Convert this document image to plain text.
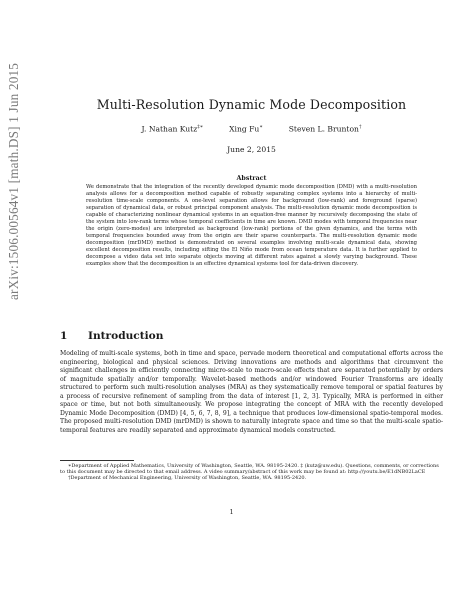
arXiv:1506.00564v1 [math.DS] 1 Jun 2015	Multi-Resolution Dynamic Mode Decomposition
J. Nathan Kutz‡∗	Xing Fu∗	Steven L. Brunton†
June 2, 2015
Abstract
We demonstrate that the integration of the recently developed dynamic mode decomposition (DMD) with a multi-resolution analysis allows for a decomposition method capable of robustly separating complex systems into a hierarchy of multi-resolution time-scale components. A one-level separation allows for background (low-rank) and foreground (sparse) separation of dynamical data, or robust principal component analysis. The multi-resolution dynamic mode decomposition is capable of characterizing nonlinear dynamical systems in an equation-free manner by recursively decomposing the state of the system into low-rank terms whose temporal coefficients in time are known. DMD modes with temporal frequencies near the origin (zero-modes) are interpreted as background (low-rank) portions of the given dynamics, and the terms with temporal frequencies bounded away from the origin are their sparse counterparts. The multi-resolution dynamic mode decomposition (mrDMD) method is demonstrated on several examples involving multi-scale dynamical data, showing excellent decomposition results, including sifting the El Niño mode from ocean temperature data. It is further applied to decompose a video data set into separate objects moving at different rates against a slowly varying background. These examples show that the decomposition is an effective dynamical systems tool for data-driven discovery.
1 Introduction
Modeling of multi-scale systems, both in time and space, pervade modern theoretical and computational efforts across the engineering, biological and physical sciences. Driving innovations are methods and algorithms that circumvent the significant challenges in efficiently connecting micro-scale to macro-scale effects that are separated potentially by orders of magnitude spatially and/or temporally. Wavelet-based methods and/or windowed Fourier Transforms are ideally structured to perform such multi-resolution analyses (MRA) as they systematically remove temporal or spatial features by a process of recursive refinement of sampling from the data of interest [1, 2, 3]. Typically, MRA is performed in either space or time, but not both simultaneously. We propose integrating the concept of MRA with the recently developed Dynamic Mode Decomposition (DMD) [4, 5, 6, 7, 8, 9], a technique that produces low-dimensional spatio-temporal modes. The proposed multi-resolution DMD (mrDMD) is shown to naturally integrate space and time so that the multi-scale spatio-temporal features are readily separated and approximate dynamical models constructed.

∗Department of Applied Mathematics, University of Washington, Seattle, WA. 98195-2420. ‡ (kutz@uw.edu). Questions, comments, or corrections to this document may be directed to that email address. A video summary/abstract of this work may be found at: http://youtu.be/E1dNB02LaCE

†Department of Mechanical Engineering, University of Washington, Seattle, WA. 98195-2420.

1
